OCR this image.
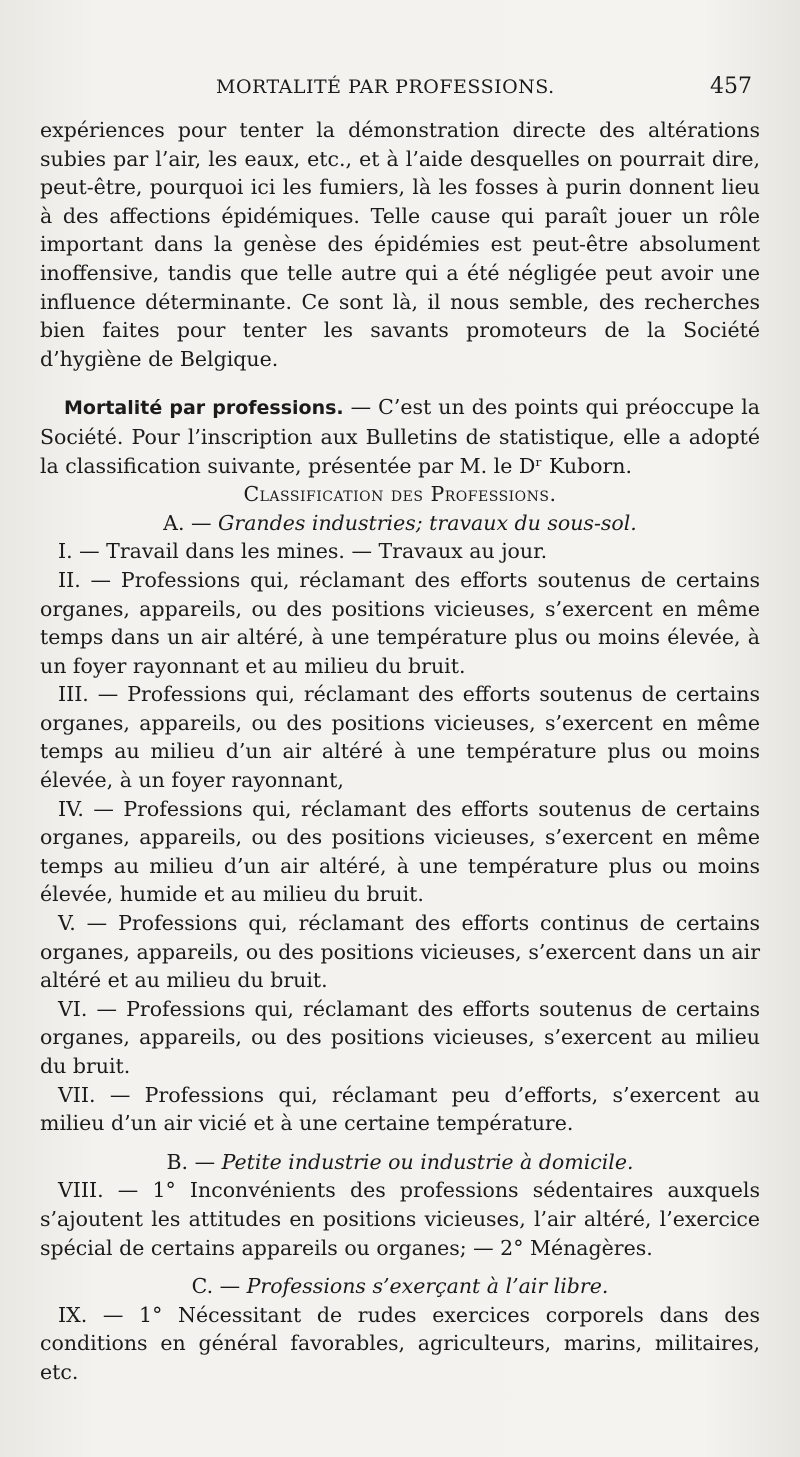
MORTALITÉ PAR PROFESSIONS.	457

expériences pour tenter la démonstration directe des altérations subies par l’air, les eaux, etc., et à l’aide desquelles on pourrait dire, peut-être, pourquoi ici les fumiers, là les fosses à purin donnent lieu à des affections épidémiques. Telle cause qui paraît jouer un rôle important dans la genèse des épidémies est peut-être absolument inoffensive, tandis que telle autre qui a été négligée peut avoir une influence déterminante. Ce sont là, il nous semble, des recherches bien faites pour tenter les savants promoteurs de la Société d’hygiène de Belgique.

Mortalité par professions. — C’est un des points qui préoccupe la Société. Pour l’inscription aux Bulletins de statistique, elle a adopté la classification suivante, présentée par M. le Dʳ Kuborn.

Classification des Professions.

A. — Grandes industries; travaux du sous-sol.

I. — Travail dans les mines. — Travaux au jour.

II. — Professions qui, réclamant des efforts soutenus de certains organes, appareils, ou des positions vicieuses, s’exercent en même temps dans un air altéré, à une température plus ou moins élevée, à un foyer rayonnant et au milieu du bruit.

III. — Professions qui, réclamant des efforts soutenus de certains organes, appareils, ou des positions vicieuses, s’exercent en même temps au milieu d’un air altéré à une température plus ou moins élevée, à un foyer rayonnant,

IV. — Professions qui, réclamant des efforts soutenus de certains organes, appareils, ou des positions vicieuses, s’exercent en même temps au milieu d’un air altéré, à une température plus ou moins élevée, humide et au milieu du bruit.

V. — Professions qui, réclamant des efforts continus de certains organes, appareils, ou des positions vicieuses, s’exercent dans un air altéré et au milieu du bruit.

VI. — Professions qui, réclamant des efforts soutenus de certains organes, appareils, ou des positions vicieuses, s’exercent au milieu du bruit.

VII. — Professions qui, réclamant peu d’efforts, s’exercent au milieu d’un air vicié et à une certaine température.

B. — Petite industrie ou industrie à domicile.

VIII. — 1° Inconvénients des professions sédentaires auxquels s’ajoutent les attitudes en positions vicieuses, l’air altéré, l’exercice spécial de certains appareils ou organes; — 2° Ménagères.

C. — Professions s’exerçant à l’air libre.

IX. — 1° Nécessitant de rudes exercices corporels dans des conditions en général favorables, agriculteurs, marins, militaires, etc.
